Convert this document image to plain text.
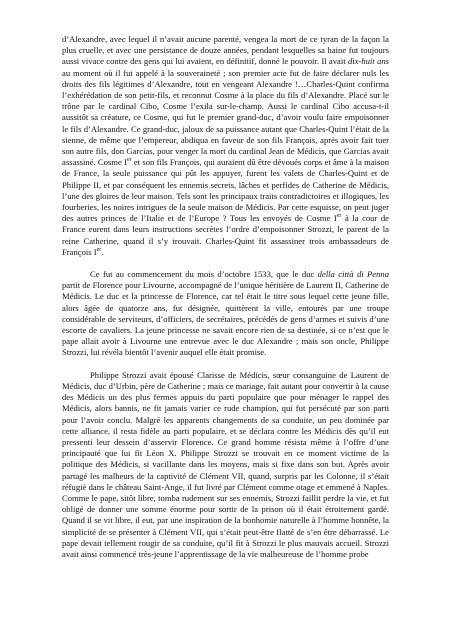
d’Alexandre, avec lequel il n’avait aucune parenté, vengea la mort de ce tyran de la façon la plus cruelle, et avec une persistance de douze années, pendant lesquelles sa haine fut toujours aussi vivace contre des gens qui lui avaient, en définitif, donné le pouvoir. Il avait dix-huit ans au moment où il fut appelé à la souveraineté ; son premier acte fut de faire déclarer nuls les droits des fils légitimes d’Alexandre, tout en vengeant Alexandre !…Charles-Quint confirma l’exhérédation de son petit-fils, et reconnut Cosme à la place du fils d’Alexandre. Placé sur le trône par le cardinal Cibo, Cosme l’exila sur-le-champ. Aussi le cardinal Cibo accusa-t-il aussitôt sa créature, ce Cosme, qui fut le premier grand-duc, d’avoir voulu faire empoisonner le fils d’Alexandre. Ce grand-duc, jaloux de sa puissance autant que Charles-Quint l’était de la sienne, de même que l’empereur, abdiqua en faveur de son fils François, après avoir fait tuer son autre fils, don Garcias, pour venger la mort du cardinal Jean de Médicis, que Garcias avait assassiné. Cosme Ier et son fils François, qui auraient dû être dévoués corps et âme à la maison de France, la seule puissance qui pût les appuyer, furent les valets de Charles-Quint et de Philippe II, et par conséquent les ennemis secrets, lâches et perfides de Catherine de Médicis, l’une des gloires de leur maison. Tels sont les principaux traits contradictoires et illogiques, les fourberies, les noires intrigues de la seule maison de Médicis. Par cette esquisse, on peut juger des autres princes de l’Italie et de l’Europe ? Tous les envoyés de Cosme Ier à la cour de France eurent dans leurs instructions secrètes l’ordre d’empoisonner Strozzi, le parent de la reine Catherine, quand il s’y trouvait. Charles-Quint fit assassiner trois ambassadeurs de François Ier.

Ce fut au commencement du mois d’octobre 1533, que le duc della città di Penna partit de Florence pour Livourne, accompagné de l’unique héritière de Laurent II, Catherine de Médicis. Le duc et la princesse de Florence, car tel était le titre sous lequel cette jeune fille, alors âgée de quatorze ans, fut désignée, quittèrent la ville, entourés par une troupe considérable de serviteurs, d’officiers, de secrétaires, précédés de gens d’armes et suivis d’une escorte de cavaliers. La jeune princesse ne savait encore rien de sa destinée, si ce n’est que le pape allait avoir à Livourne une entrevue avec le duc Alexandre ; mais son oncle, Philippe Strozzi, lui révéla bientôt l’avenir auquel elle était promise.

Philippe Strozzi avait épousé Clarisse de Médicis, sœur consanguine de Laurent de Médicis, duc d’Urbin, père de Catherine ; mais ce mariage, fait autant pour convertir à la cause des Médicis un des plus fermes appuis du parti populaire que pour ménager le rappel des Médicis, alors bannis, ne fit jamais varier ce rude champion, qui fut persécuté par son parti pour l’avoir conclu. Malgré les apparents changements de sa conduite, un peu dominée par cette alliance, il resta fidèle au parti populaire, et se déclara contre les Médicis dès qu’il eut pressenti leur dessein d’asservir Florence. Ce grand homme résista même à l’offre d’une principauté que lui fit Léon X. Philippe Strozzi se trouvait en ce moment victime de la politique des Médicis, si vacillante dans les moyens, mais si fixe dans son but. Après avoir partagé les malheurs de la captivité de Clément VII, quand, surpris par les Colonne, il s’était réfugié dans le château Saint-Ange, il fut livré par Clément comme otage et emmené à Naples. Comme le pape, sitôt libre, tomba rudement sur ses ennemis, Strozzi faillit perdre la vie, et fut obligé de donner une somme énorme pour sortir de la prison où il était étroitement gardé. Quand il se vit libre, il eut, par une inspiration de la bonhomie naturelle à l’homme honnête, la simplicité de se présenter à Clément VII, qui s’était peut-être flatté de s’en être débarrassé. Le pape devait tellement rougir de sa conduite, qu’il fit à Strozzi le plus mauvais accueil. Strozzi avait ainsi commencé très-jeune l’apprentissage de la vie malheureuse de l’homme probe
